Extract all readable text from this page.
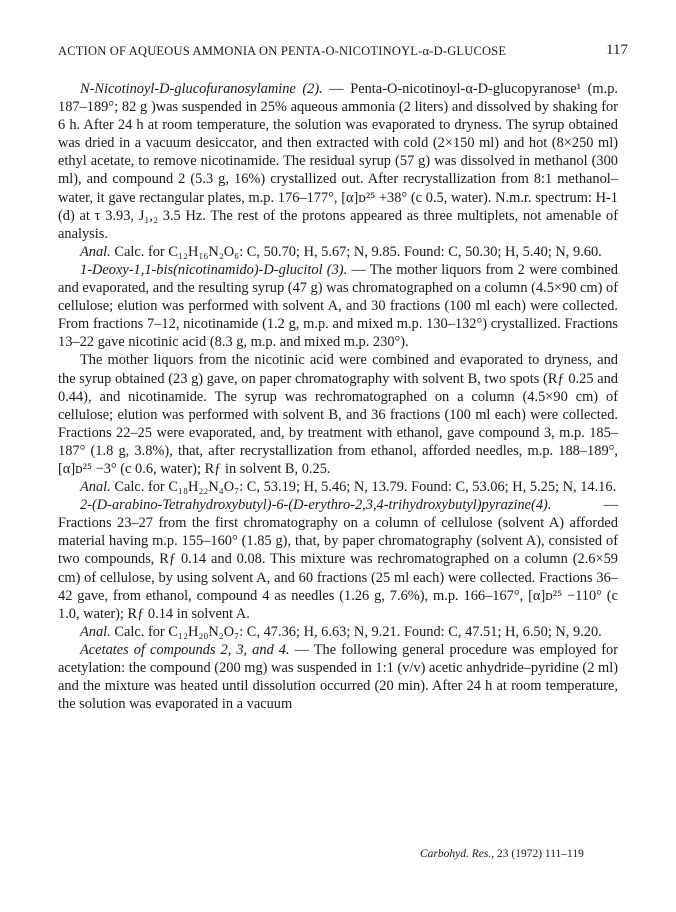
ACTION OF AQUEOUS AMMONIA ON PENTA-O-NICOTINOYL-α-D-GLUCOSE	117

N-Nicotinoyl-D-glucofuranosylamine (2). — Penta-O-nicotinoyl-α-D-glucopyranose¹ (m.p. 187–189°; 82 g )was suspended in 25% aqueous ammonia (2 liters) and dissolved by shaking for 6 h. After 24 h at room temperature, the solution was evaporated to dryness. The syrup obtained was dried in a vacuum desiccator, and then extracted with cold (2×150 ml) and hot (8×250 ml) ethyl acetate, to remove nicotinamide. The residual syrup (57 g) was dissolved in methanol (300 ml), and compound 2 (5.3 g, 16%) crystallized out. After recrystallization from 8:1 methanol–water, it gave rectangular plates, m.p. 176–177°, [α]ᴅ²⁵ +38° (c 0.5, water). N.m.r. spectrum: H-1 (d) at τ 3.93, J₁,₂ 3.5 Hz. The rest of the protons appeared as three multiplets, not amenable of analysis.

Anal. Calc. for C₁₂H₁₆N₂O₆: C, 50.70; H, 5.67; N, 9.85. Found: C, 50.30; H, 5.40; N, 9.60.

1-Deoxy-1,1-bis(nicotinamido)-D-glucitol (3). — The mother liquors from 2 were combined and evaporated, and the resulting syrup (47 g) was chromatographed on a column (4.5×90 cm) of cellulose; elution was performed with solvent A, and 30 fractions (100 ml each) were collected. From fractions 7–12, nicotinamide (1.2 g, m.p. and mixed m.p. 130–132°) crystallized. Fractions 13–22 gave nicotinic acid (8.3 g, m.p. and mixed m.p. 230°).

The mother liquors from the nicotinic acid were combined and evaporated to dryness, and the syrup obtained (23 g) gave, on paper chromatography with solvent B, two spots (Rƒ 0.25 and 0.44), and nicotinamide. The syrup was rechromatographed on a column (4.5×90 cm) of cellulose; elution was performed with solvent B, and 36 fractions (100 ml each) were collected. Fractions 22–25 were evaporated, and, by treatment with ethanol, gave compound 3, m.p. 185–187° (1.8 g, 3.8%), that, after recrystallization from ethanol, afforded needles, m.p. 188–189°, [α]ᴅ²⁵ −3° (c 0.6, water); Rƒ in solvent B, 0.25.

Anal. Calc. for C₁₈H₂₂N₄O₇: C, 53.19; H, 5.46; N, 13.79. Found: C, 53.06; H, 5.25; N, 14.16.

2-(D-arabino-Tetrahydroxybutyl)-6-(D-erythro-2,3,4-trihydroxybutyl)pyrazine(4). — Fractions 23–27 from the first chromatography on a column of cellulose (solvent A) afforded material having m.p. 155–160° (1.85 g), that, by paper chromatography (solvent A), consisted of two compounds, Rƒ 0.14 and 0.08. This mixture was rechromatographed on a column (2.6×59 cm) of cellulose, by using solvent A, and 60 fractions (25 ml each) were collected. Fractions 36–42 gave, from ethanol, compound 4 as needles (1.26 g, 7.6%), m.p. 166–167°, [α]ᴅ²⁵ −110° (c 1.0, water); Rƒ 0.14 in solvent A.

Anal. Calc. for C₁₂H₂₀N₂O₇: C, 47.36; H, 6.63; N, 9.21. Found: C, 47.51; H, 6.50; N, 9.20.

Acetates of compounds 2, 3, and 4. — The following general procedure was employed for acetylation: the compound (200 mg) was suspended in 1:1 (v/v) acetic anhydride–pyridine (2 ml) and the mixture was heated until dissolution occurred (20 min). After 24 h at room temperature, the solution was evaporated in a vacuum

Carbohyd. Res., 23 (1972) 111–119
